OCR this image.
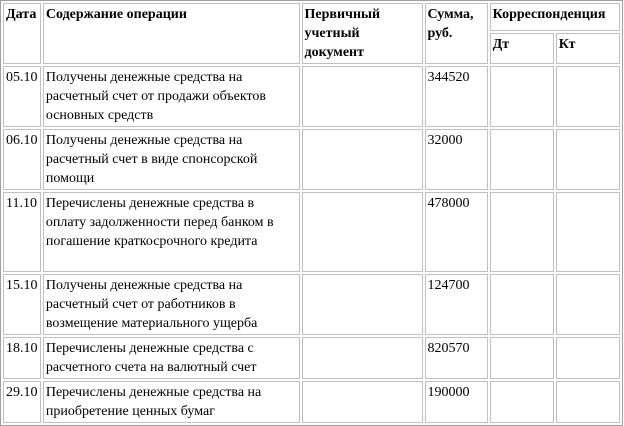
Дата	Содержание операции	Первичный учетный документ	Сумма, руб.	Корреспонденция	
				Дт	Кт
05.10	Получены денежные средства на расчетный счет от продажи объектов основных средств		344520		
06.10	Получены денежные средства на расчетный счет в виде спонсорской помощи		32000		
11.10	Перечислены денежные средства в оплату задолженности перед банком в погашение краткосрочного кредита		478000		
15.10	Получены денежные средства на расчетный счет от работников в возмещение материального ущерба		124700		
18.10	Перечислены денежные средства с расчетного счета на валютный счет		820570		
29.10	Перечислены денежные средства на приобретение ценных бумаг		190000		
